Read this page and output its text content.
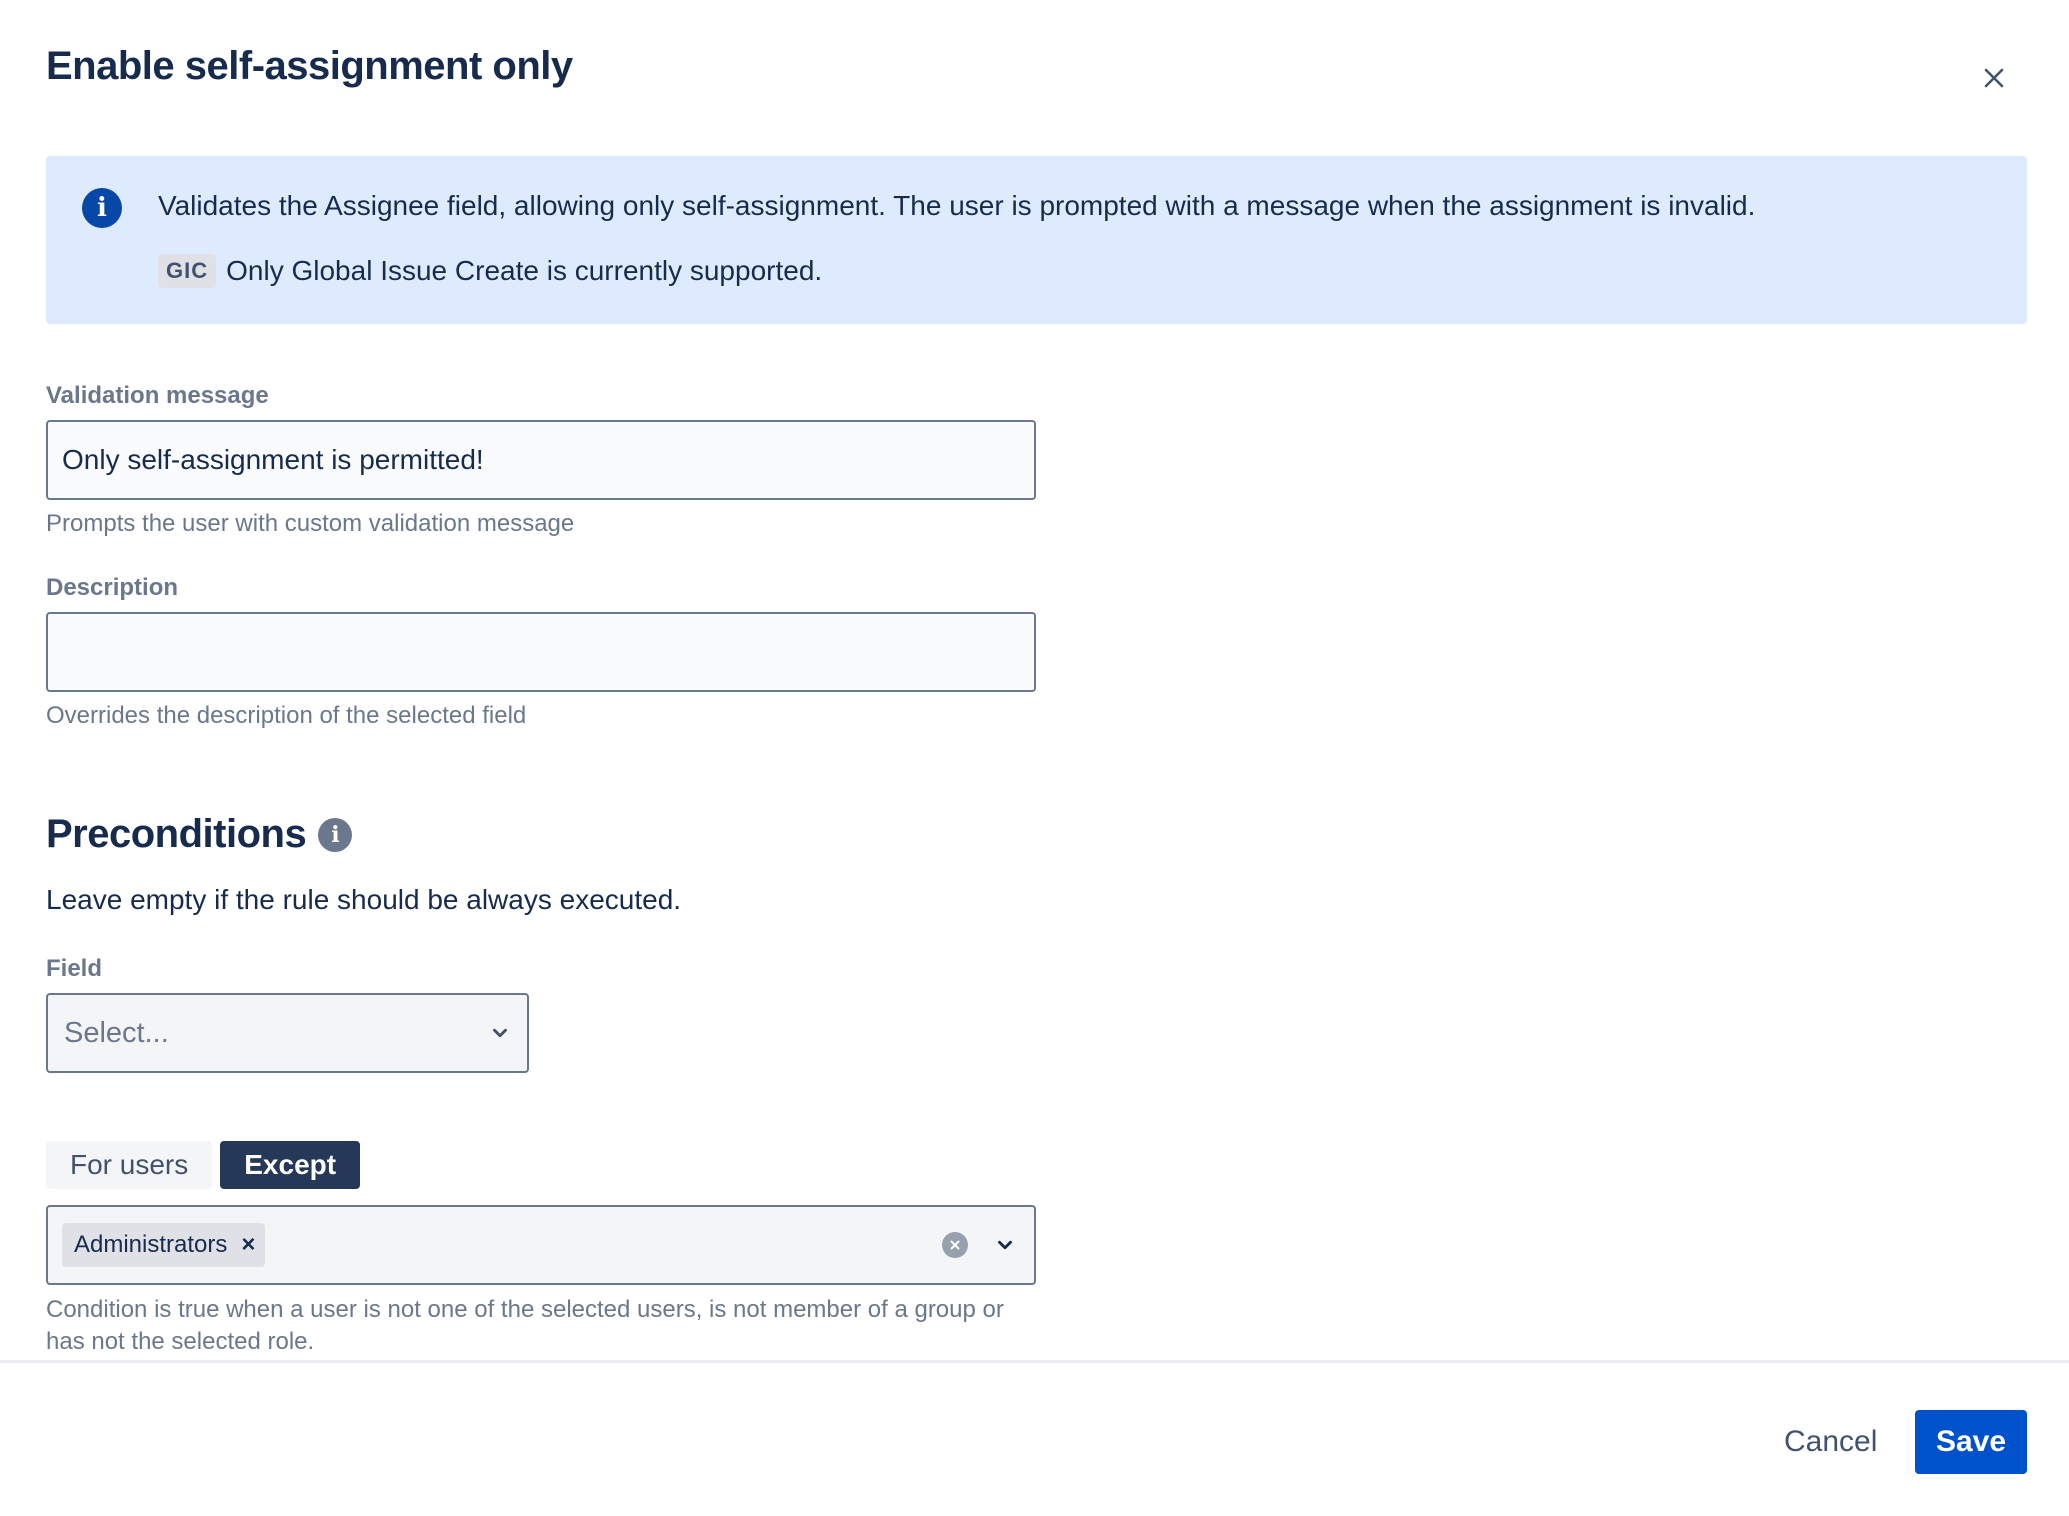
Enable self-assignment only
i	Validates the Assignee field, allowing only self-assignment. The user is prompted with a message when the assignment is invalid.
GIC Only Global Issue Create is currently supported.
Validation message
Only self-assignment is permitted!
Prompts the user with custom validation message
Description
Overrides the description of the selected field
Preconditions	i
Leave empty if the rule should be always executed.
Field
Select...
For users	Except
Administrators ×
Condition is true when a user is not one of the selected users, is not member of a group or has not the selected role.
Cancel	Save
